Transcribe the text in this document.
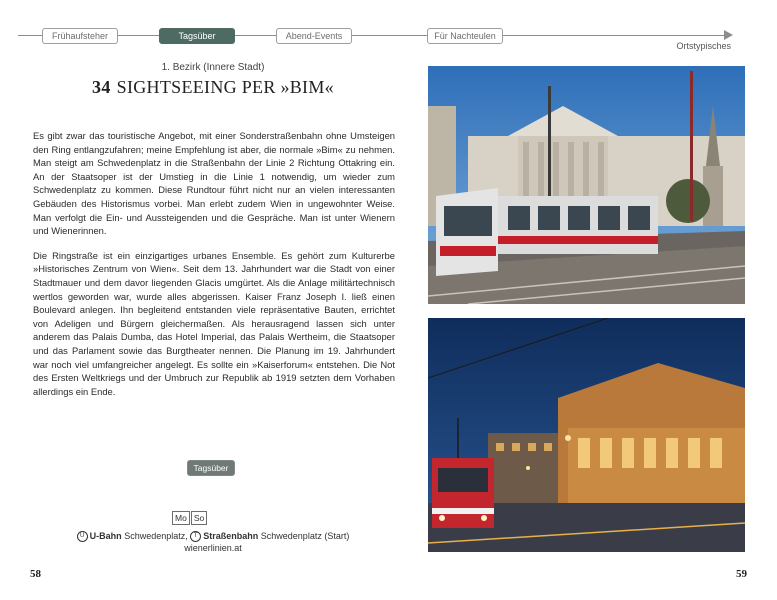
Frühaufsteher	Tagsüber	Abend-Events	Für Nachteulen
Ortstypisches
1. Bezirk (Innere Stadt)
34 SIGHTSEEING PER »BIM«

Es gibt zwar das touristische Angebot, mit einer Sonderstraßenbahn ohne Umsteigen den Ring entlangzufahren; meine Empfehlung ist aber, die normale »Bim« zu nehmen. Man steigt am Schwedenplatz in die Straßenbahn der Linie 2 Richtung Ottakring ein. An der Staatsoper ist der Umstieg in die Linie 1 notwendig, um wieder zum Schwedenplatz zu kommen. Diese Rundtour führt nicht nur an vielen interessanten Gebäuden des Historismus vorbei. Man erlebt zudem Wien in ungewohnter Weise. Man verfolgt die Ein- und Aussteigenden und die Gespräche. Man ist unter Wienern und Wienerinnen.

Die Ringstraße ist ein einzigartiges urbanes Ensemble. Es gehört zum Kulturerbe »Historisches Zentrum von Wien«. Seit dem 13. Jahrhundert war die Stadt von einer Stadtmauer und dem davor liegenden Glacis umgürtet. Als die Anlage militärtechnisch wertlos geworden war, wurde alles abgerissen. Kaiser Franz Joseph I. ließ einen Boulevard anlegen. Ihn begleitend entstanden viele repräsentative Bauten, errichtet von Adeligen und Bürgern gleichermaßen. Als herausragend lassen sich unter anderem das Palais Dumba, das Hotel Imperial, das Palais Wertheim, die Staatsoper und das Parlament sowie das Burgtheater nennen. Die Planung im 19. Jahrhundert war noch viel umfangreicher angelegt. Es sollte ein »Kaiserforum« entstehen. Die Not des Ersten Weltkriegs und der Umbruch zur Republik ab 1919 setzten dem Vorhaben allerdings ein Ende.

Tagsüber
Mo So
U U-Bahn Schwedenplatz, T Straßenbahn Schwedenplatz (Start)
wienerlinien.at
58	59
